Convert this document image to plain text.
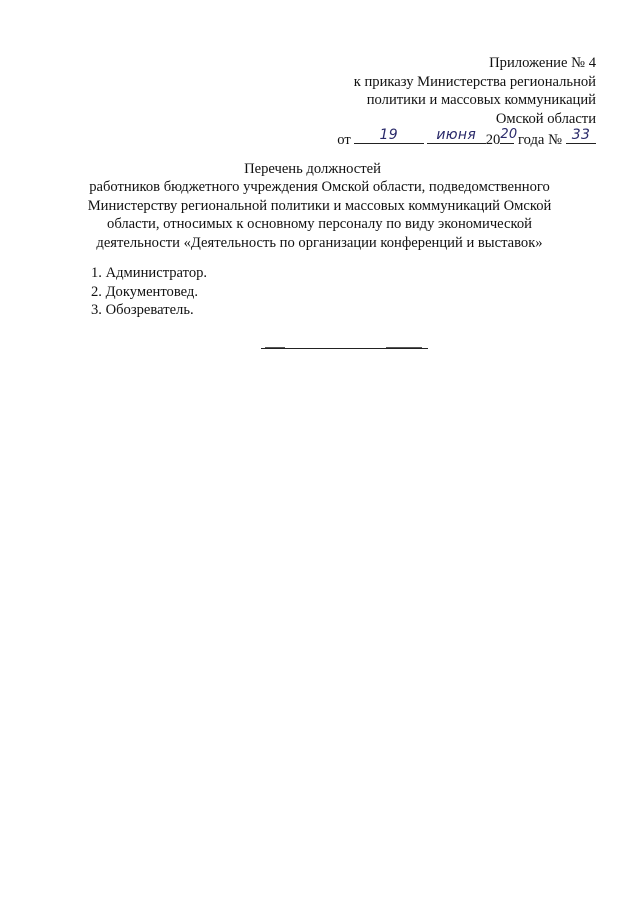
Приложение № 4
к приказу Министерства региональной
политики и массовых коммуникаций
Омской области
от	19	июня 20 20 года № 33
Перечень должностей
работников бюджетного учреждения Омской области, подведомственного
Министерству региональной политики и массовых коммуникаций Омской
области, относимых к основному персоналу по виду экономической
деятельности «Деятельность по организации конференций и выставок»
1. Администратор.
2. Документовед.
3. Обозреватель.
